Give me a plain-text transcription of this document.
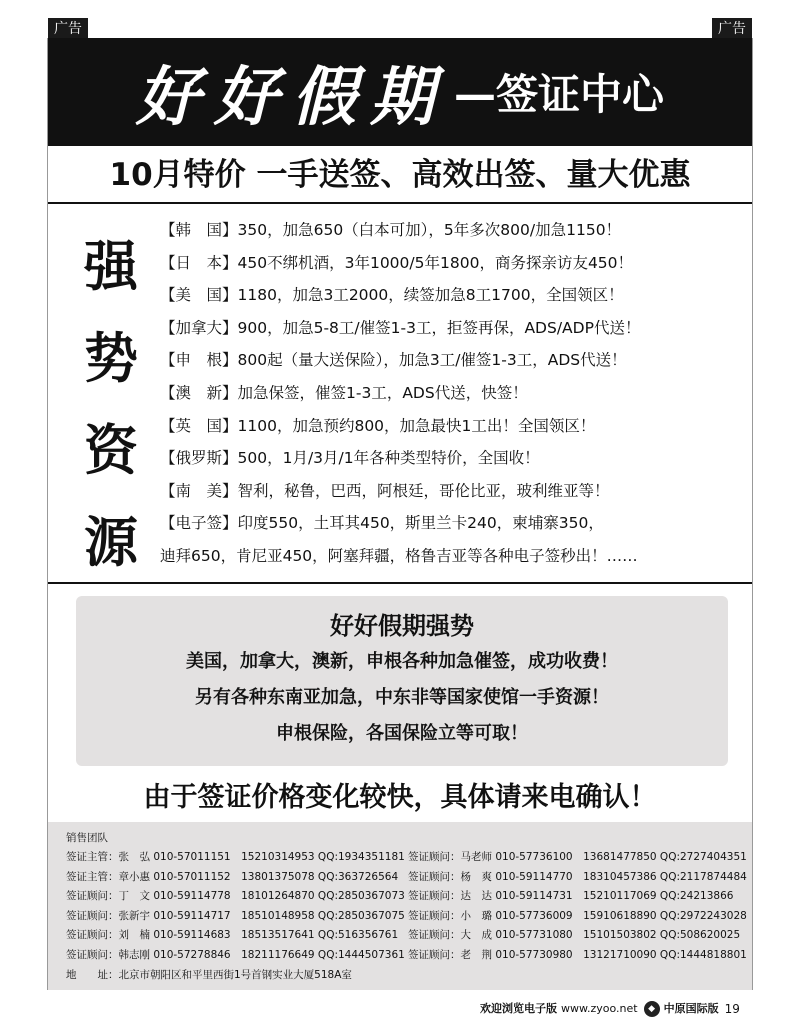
广告	广告
好好假期 —签证中心
10月特价 一手送签、高效出签、量大优惠
强
势
资
源
【韩　国】350，加急650（白本可加），5年多次800/加急1150！
【日　本】450不绑机酒，3年1000/5年1800，商务探亲访友450！
【美　国】1180，加急3工2000，续签加急8工1700，全国领区！
【加拿大】900，加急5-8工/催签1-3工，拒签再保，ADS/ADP代送！
【申　根】800起（量大送保险），加急3工/催签1-3工，ADS代送！
【澳　新】加急保签，催签1-3工，ADS代送，快签！
【英　国】1100，加急预约800，加急最快1工出！全国领区！
【俄罗斯】500，1月/3月/1年各种类型特价，全国收！
【南　美】智利，秘鲁，巴西，阿根廷，哥伦比亚，玻利维亚等！
【电子签】印度550，土耳其450，斯里兰卡240，柬埔寨350，
迪拜650，肯尼亚450，阿塞拜疆，格鲁吉亚等各种电子签秒出！……
好好假期强势
美国，加拿大，澳新，申根各种加急催签，成功收费！
另有各种东南亚加急，中东非等国家使馆一手资源！
申根保险，各国保险立等可取！
由于签证价格变化较快，具体请来电确认！
销售团队
签证主管：张　弘 010-57011151　15210314953 QQ:1934351181 签证顾问：马老师 010-57736100　13681477850 QQ:2727404351
签证主管：章小惠 010-57011152　13801375078 QQ:363726564 签证顾问：杨　爽 010-59114770　18310457386 QQ:2117874484
签证顾问：丁　文 010-59114778　18101264870 QQ:2850367073 签证顾问：达　达 010-59114731　15210117069 QQ:24213866
签证顾问：张新宇 010-59114717　18510148958 QQ:2850367075 签证顾问：小　璐 010-57736009　15910618890 QQ:2972243028
签证顾问：刘　楠 010-59114683　18513517641 QQ:516356761 签证顾问：大　成 010-57731080　15101503802 QQ:508620025
签证顾问：韩志刚 010-57278846　18211176649 QQ:1444507361 签证顾问：老　荆 010-57730980　13121710090 QQ:1444818801
地　　址：北京市朝阳区和平里西街1号首钢实业大厦518A室
欢迎浏览电子版 www.zyoo.net	◆ 中原国际版 19
